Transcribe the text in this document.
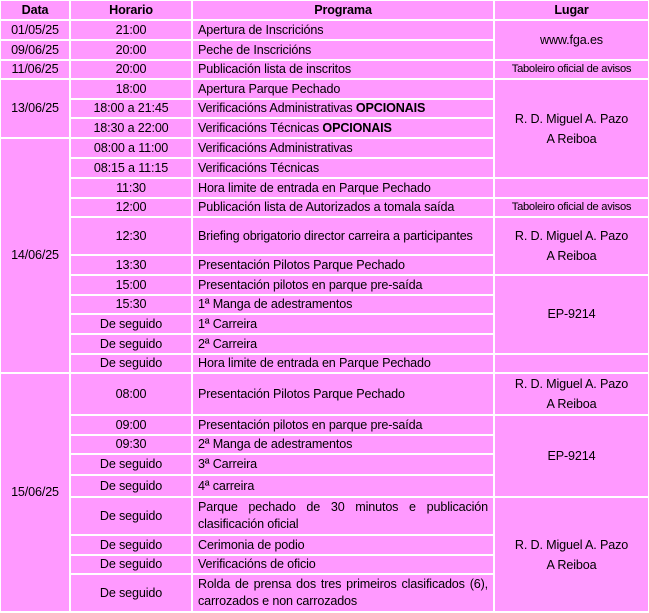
Data	Horario	Programa	Lugar
01/05/25	21:00	Apertura de Inscricións	www.fga.es
09/06/25	20:00	Peche de Inscricións	
11/06/25	20:00	Publicación lista de inscritos	Taboleiro oficial de avisos
13/06/25	18:00	Apertura Parque Pechado	R. D. Miguel A. Pazo A Reiboa
	18:00 a 21:45	Verificacións Administrativas OPCIONAIS	
	18:30 a 22:00	Verificacións Técnicas OPCIONAIS	
14/06/25	08:00 a 11:00	Verificacións Administrativas	
	08:15 a 11:15	Verificacións Técnicas	
	11:30	Hora limite de entrada en Parque Pechado	
	12:00	Publicación lista de Autorizados a tomala saída	Taboleiro oficial de avisos
	12:30	Briefing obrigatorio director carreira a participantes	R. D. Miguel A. Pazo A Reiboa
	13:30	Presentación Pilotos Parque Pechado	
	15:00	Presentación pilotos en parque pre-saída	EP-9214
	15:30	1ª Manga de adestramentos	
	De seguido	1ª Carreira	
	De seguido	2ª Carreira	
	De seguido	Hora limite de entrada en Parque Pechado	
15/06/25	08:00	Presentación Pilotos Parque Pechado	R. D. Miguel A. Pazo A Reiboa
	09:00	Presentación pilotos en parque pre-saída	EP-9214
	09:30	2ª Manga de adestramentos	
	De seguido	3ª Carreira	
	De seguido	4ª carreira	
	De seguido	Parque pechado de 30 minutos e publicación clasificación oficial	R. D. Miguel A. Pazo A Reiboa
	De seguido	Cerimonia de podio	
	De seguido	Verificacións de oficio	
	De seguido	Rolda de prensa dos tres primeiros clasificados (6), carrozados e non carrozados	
